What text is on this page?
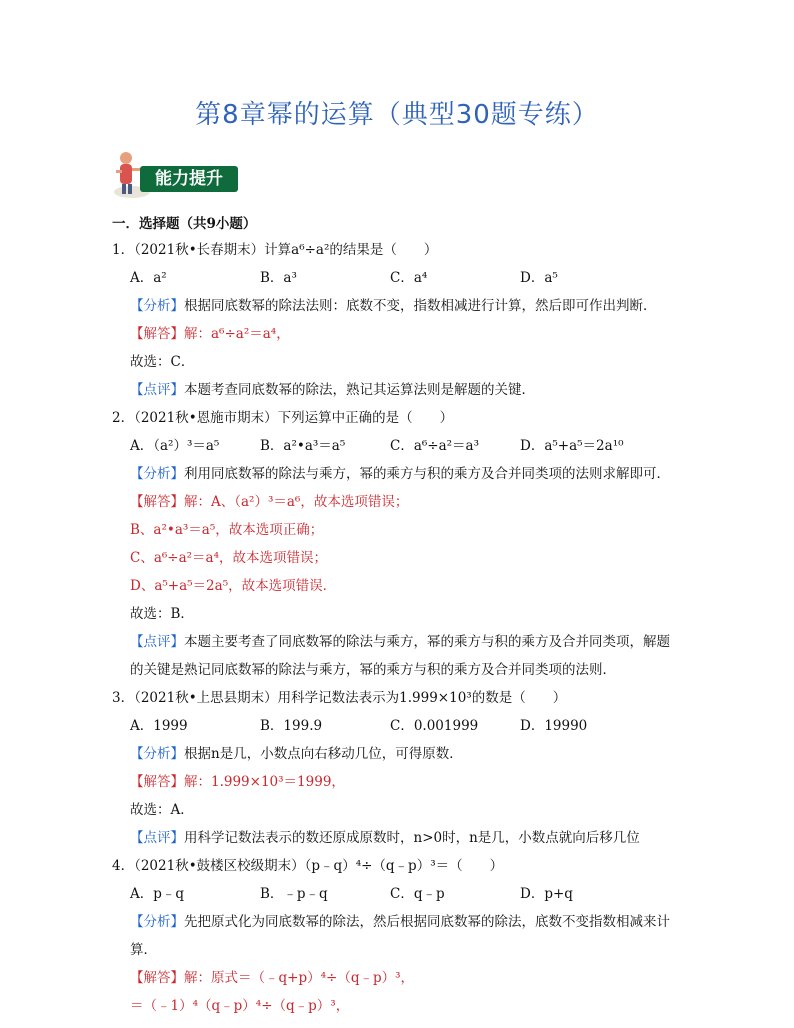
第8章幂的运算（典型30题专练）
能力提升
一．选择题（共9小题）
1．（2021秋•长春期末）计算a⁶÷a²的结果是（　　）
A．a²	B．a³	C．a⁴	D．a⁵
【分析】根据同底数幂的除法法则：底数不变，指数相减进行计算，然后即可作出判断．
【解答】解：a⁶÷a²＝a⁴，
故选：C．
【点评】本题考查同底数幂的除法，熟记其运算法则是解题的关键．
2．（2021秋•恩施市期末）下列运算中正确的是（　　）
A．（a²）³＝a⁵	B．a²•a³＝a⁵	C．a⁶÷a²＝a³	D．a⁵+a⁵＝2a¹⁰
【分析】利用同底数幂的除法与乘方，幂的乘方与积的乘方及合并同类项的法则求解即可．
【解答】解：A、（a²）³＝a⁶，故本选项错误；
B、a²•a³＝a⁵，故本选项正确；
C、a⁶÷a²＝a⁴，故本选项错误；
D、a⁵+a⁵＝2a⁵，故本选项错误．
故选：B．
【点评】本题主要考查了同底数幂的除法与乘方，幂的乘方与积的乘方及合并同类项，解题的关键是熟记同底数幂的除法与乘方，幂的乘方与积的乘方及合并同类项的法则．
3．（2021秋•上思县期末）用科学记数法表示为1.999×10³的数是（　　）
A．1999	B．199.9	C．0.001999	D．19990
【分析】根据n是几，小数点向右移动几位，可得原数．
【解答】解：1.999×10³＝1999，
故选：A．
【点评】用科学记数法表示的数还原成原数时，n>0时，n是几，小数点就向后移几位
4．（2021秋•鼓楼区校级期末）（p﹣q）⁴÷（q﹣p）³＝（　　）
A．p﹣q	B．﹣p﹣q	C．q﹣p	D．p+q
【分析】先把原式化为同底数幂的除法，然后根据同底数幂的除法，底数不变指数相减来计算．
【解答】解：原式＝（﹣q+p）⁴÷（q﹣p）³，
＝（﹣1）⁴（q﹣p）⁴÷（q﹣p）³，
